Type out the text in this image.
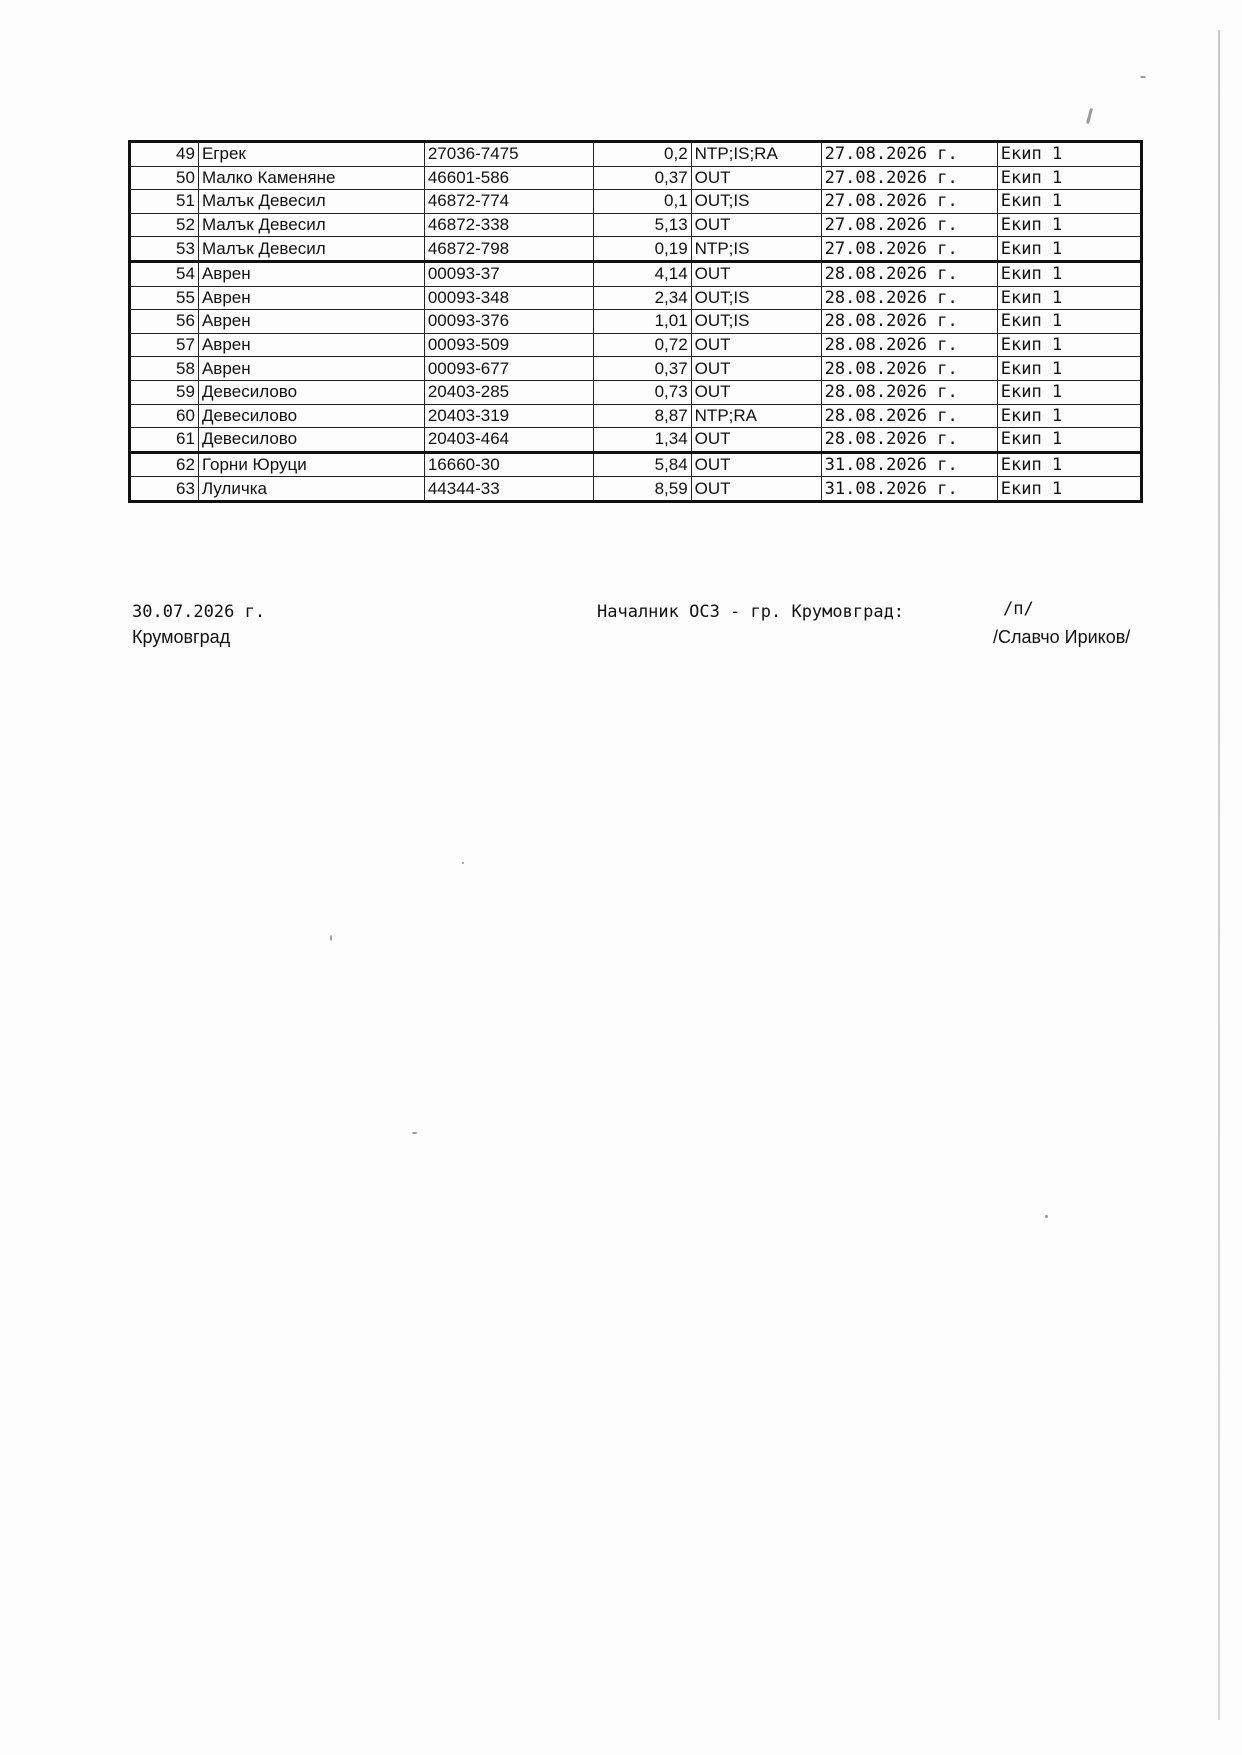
49	Егрек	27036-7475	0,2	NTP;IS;RA	27.08.2026 г.	Екип 1
50	Малко Каменяне	46601-586	0,37	OUT	27.08.2026 г.	Екип 1
51	Малък Девесил	46872-774	0,1	OUT;IS	27.08.2026 г.	Екип 1
52	Малък Девесил	46872-338	5,13	OUT	27.08.2026 г.	Екип 1
53	Малък Девесил	46872-798	0,19	NTP;IS	27.08.2026 г.	Екип 1
54	Аврен	00093-37	4,14	OUT	28.08.2026 г.	Екип 1
55	Аврен	00093-348	2,34	OUT;IS	28.08.2026 г.	Екип 1
56	Аврен	00093-376	1,01	OUT;IS	28.08.2026 г.	Екип 1
57	Аврен	00093-509	0,72	OUT	28.08.2026 г.	Екип 1
58	Аврен	00093-677	0,37	OUT	28.08.2026 г.	Екип 1
59	Девесилово	20403-285	0,73	OUT	28.08.2026 г.	Екип 1
60	Девесилово	20403-319	8,87	NTP;RA	28.08.2026 г.	Екип 1
61	Девесилово	20403-464	1,34	OUT	28.08.2026 г.	Екип 1
62	Горни Юруци	16660-30	5,84	OUT	31.08.2026 г.	Екип 1
63	Луличка	44344-33	8,59	OUT	31.08.2026 г.	Екип 1
30.07.2026 г.
Крумовград
Началник ОСЗ - гр. Крумовград:	/п/
/Славчо Ириков/
